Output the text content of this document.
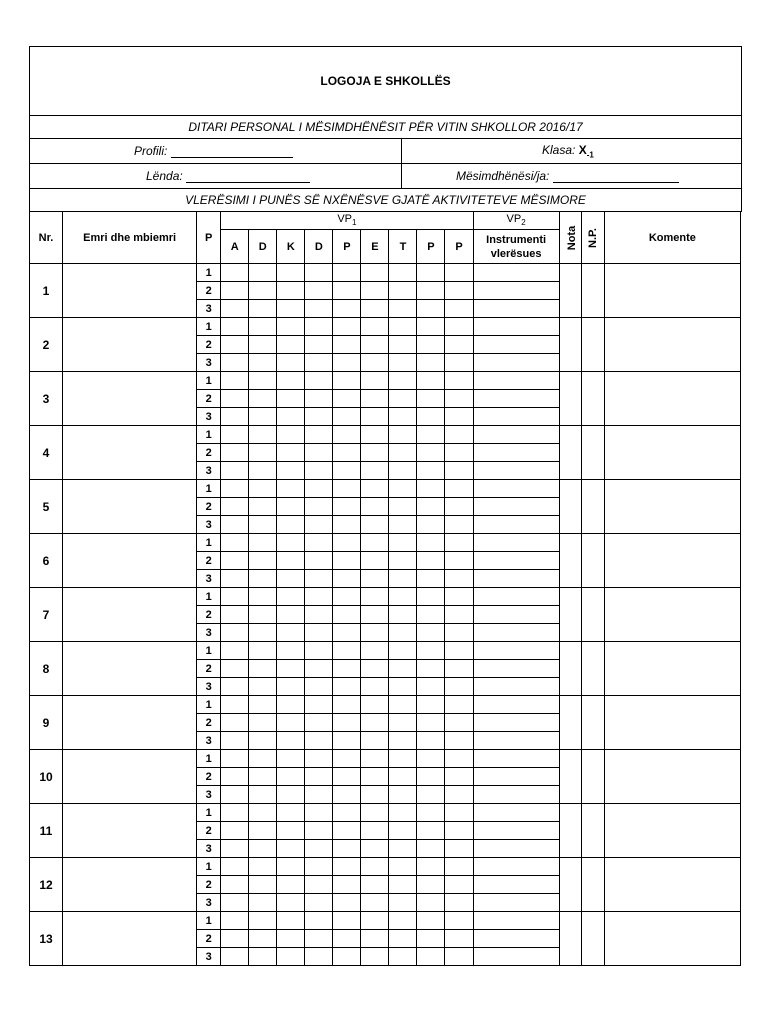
LOGOJA E SHKOLLËS	
DITARI PERSONAL I MËSIMDHËNËSIT PËR VITIN SHKOLLOR 2016/17	
Profili:	Klasa: $X_{-1}$
Lënda:	Mësimdhënësi/ja:
VLERËSIMI I PUNËS SË NXËNËSVE GJATË AKTIVITETEVE MËSIMORE	
Nr.	Emri dhe mbiemri	P	$VP_1$									$VP_2$	Nota	N.P.	Komente
			A	D	K	D	P	E	T	P	P	Instrumenti vlerësues			
1		1													
		2													
		3													
2		1													
		2													
		3													
3		1													
		2													
		3													
4		1													
		2													
		3													
5		1													
		2													
		3													
6		1													
		2													
		3													
7		1													
		2													
		3													
8		1													
		2													
		3													
9		1													
		2													
		3													
10		1													
		2													
		3													
11		1													
		2													
		3													
12		1													
		2													
		3													
13		1													
		2													
		3													
